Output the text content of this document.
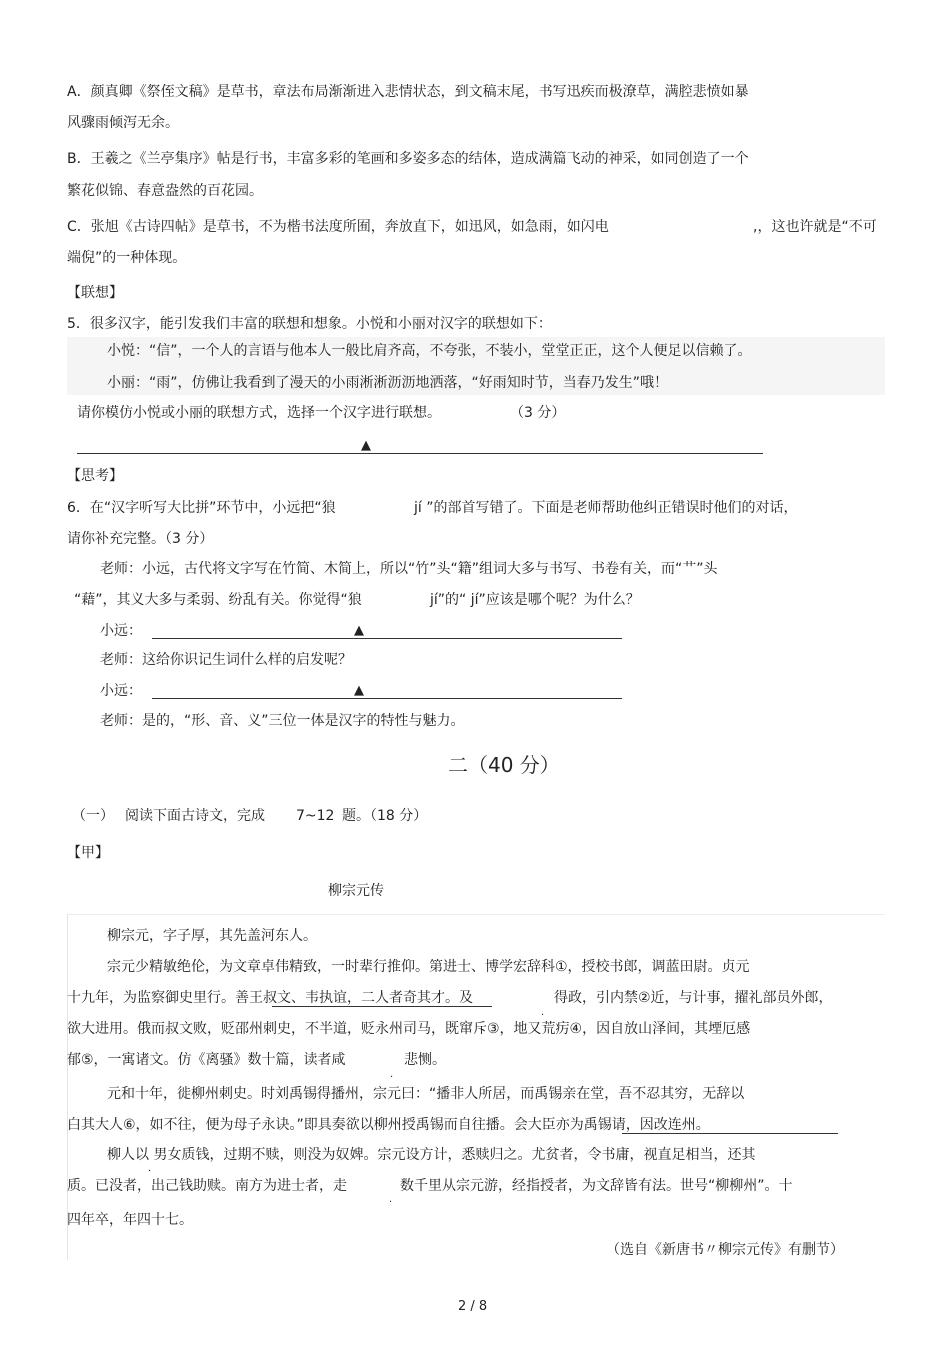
A．颜真卿《祭侄文稿》是草书，章法布局渐渐进入悲情状态，到文稿末尾，书写迅疾而极潦草，满腔悲愤如暴
风骤雨倾泻无余。
B．王羲之《兰亭集序》帖是行书，丰富多彩的笔画和多姿多态的结体，造成满篇飞动的神采，如同创造了一个
繁花似锦、春意盎然的百花园。
C．张旭《古诗四帖》是草书，不为楷书法度所囿，奔放直下，如迅风，如急雨，如闪电	,，这也许就是“不可
端倪”的一种体现。
【联想】
5．很多汉字，能引发我们丰富的联想和想象。小悦和小丽对汉字的联想如下：
小悦：“信”，一个人的言语与他本人一般比肩齐高，不夸张，不装小，堂堂正正，这个人便足以信赖了。
小丽：“雨”，仿佛让我看到了漫天的小雨淅淅沥沥地洒落，“好雨知时节，当春乃发生”哦！
请你模仿小悦或小丽的联想方式，选择一个汉字进行联想。	（3 分）
▲
【思考】
6．在“汉字听写大比拼”环节中，小远把“狼	jí ”的部首写错了。下面是老师帮助他纠正错误时他们的对话，
请你补充完整。（3 分）
老师：小远，古代将文字写在竹简、木简上，所以“竹”头“籍”组词大多与书写、书卷有关，而“艹”头
“藉”，其义大多与柔弱、纷乱有关。你觉得“狼	jí”的“ jí”应该是哪个呢？为什么？
小远：	▲
老师：这给你识记生词什么样的启发呢？
小远：	▲
老师：是的，“形、音、义”三位一体是汉字的特性与魅力。
二（40 分）
（一） 阅读下面古诗文，完成 7~12 题。（18 分）
【甲】
柳宗元传
柳宗元，字子厚，其先盖河东人。
宗元少精敏绝伦，为文章卓伟精致，一时辈行推仰。第进士、博学宏辞科①，授校书郎，调蓝田尉。贞元
十九年，为监察御史里行。善王叔文、韦执谊，二人者奇其才。及
.
得政，引内禁②近，与计事，擢礼部员外郎，
欲大进用。俄而叔文败，贬邵州刺史，不半道，贬永州司马，既窜斥③，地又荒疠④，因自放山泽间，其堙厄感
郁⑤，一寓诸文。仿《离骚》数十篇，读者咸
.
悲恻。
元和十年，徙柳州刺史。时刘禹锡得播州，宗元曰：“播非人所居，而禹锡亲在堂，吾不忍其穷，无辞以
白其大人⑥，如不往，便为母子永诀。”即具奏欲以柳州授禹锡而自往播。会大臣亦为禹锡请，因改连州。
柳人以 男女质钱，过期不赎，则没为奴婢。宗元设方计，悉赎归之。尤贫者，令书庸，视直足相当，还其
.
质。已没者，出己钱助赎。南方为进士者，走
.
数千里从宗元游，经指授者，为文辞皆有法。世号“柳柳州”。十
四年卒，年四十七。
（选自《新唐书〃柳宗元传》有删节）
2 / 8
